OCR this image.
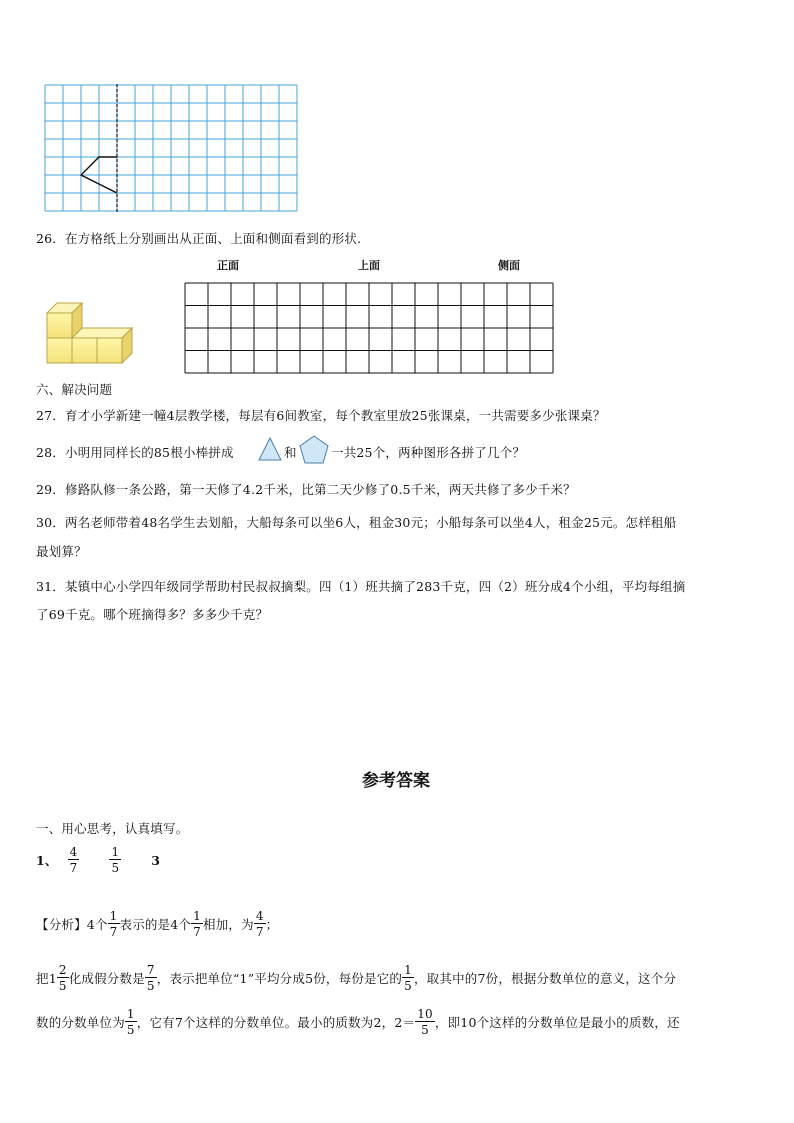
26．在方格纸上分别画出从正面、上面和侧面看到的形状.
正面	上面	侧面
六、解决问题
27．育才小学新建一幢4层教学楼，每层有6间教室，每个教室里放25张课桌，一共需要多少张课桌？
28．小明用同样长的85根小棒拼成	和	一共25个，两种图形各拼了几个？
29．修路队修一条公路，第一天修了4.2千米，比第二天少修了0.5千米，两天共修了多少千米？
30．两名老师带着48名学生去划船，大船每条可以坐6人，租金30元；小船每条可以坐4人，租金25元。怎样租船
最划算？
31．某镇中心小学四年级同学帮助村民叔叔摘梨。四（1）班共摘了283千克，四（2）班分成4个小组，平均每组摘
了69千克。哪个班摘得多？多多少千克？
参考答案
一、用心思考，认真填写。
1、 $\frac{4}{7}$	$\frac{1}{5} 3$
【分析】4个 $\frac{1}{7}$ 表示的是4个 $\frac{1}{7}$ 相加，为 $\frac{4}{7}$ ；
把$1 \frac{2}{5}$ 化成假分数是 $\frac{7}{5}$ ，表示把单位“1”平均分成5份，每份是它的 $\frac{1}{5}$ ，取其中的7份，根据分数单位的意义，这个分
数的分数单位为 $\frac{1}{5}$ ，它有7个这样的分数单位。最小的质数为2，$2= \frac{10}{5}$ ，即10个这样的分数单位是最小的质数，还
